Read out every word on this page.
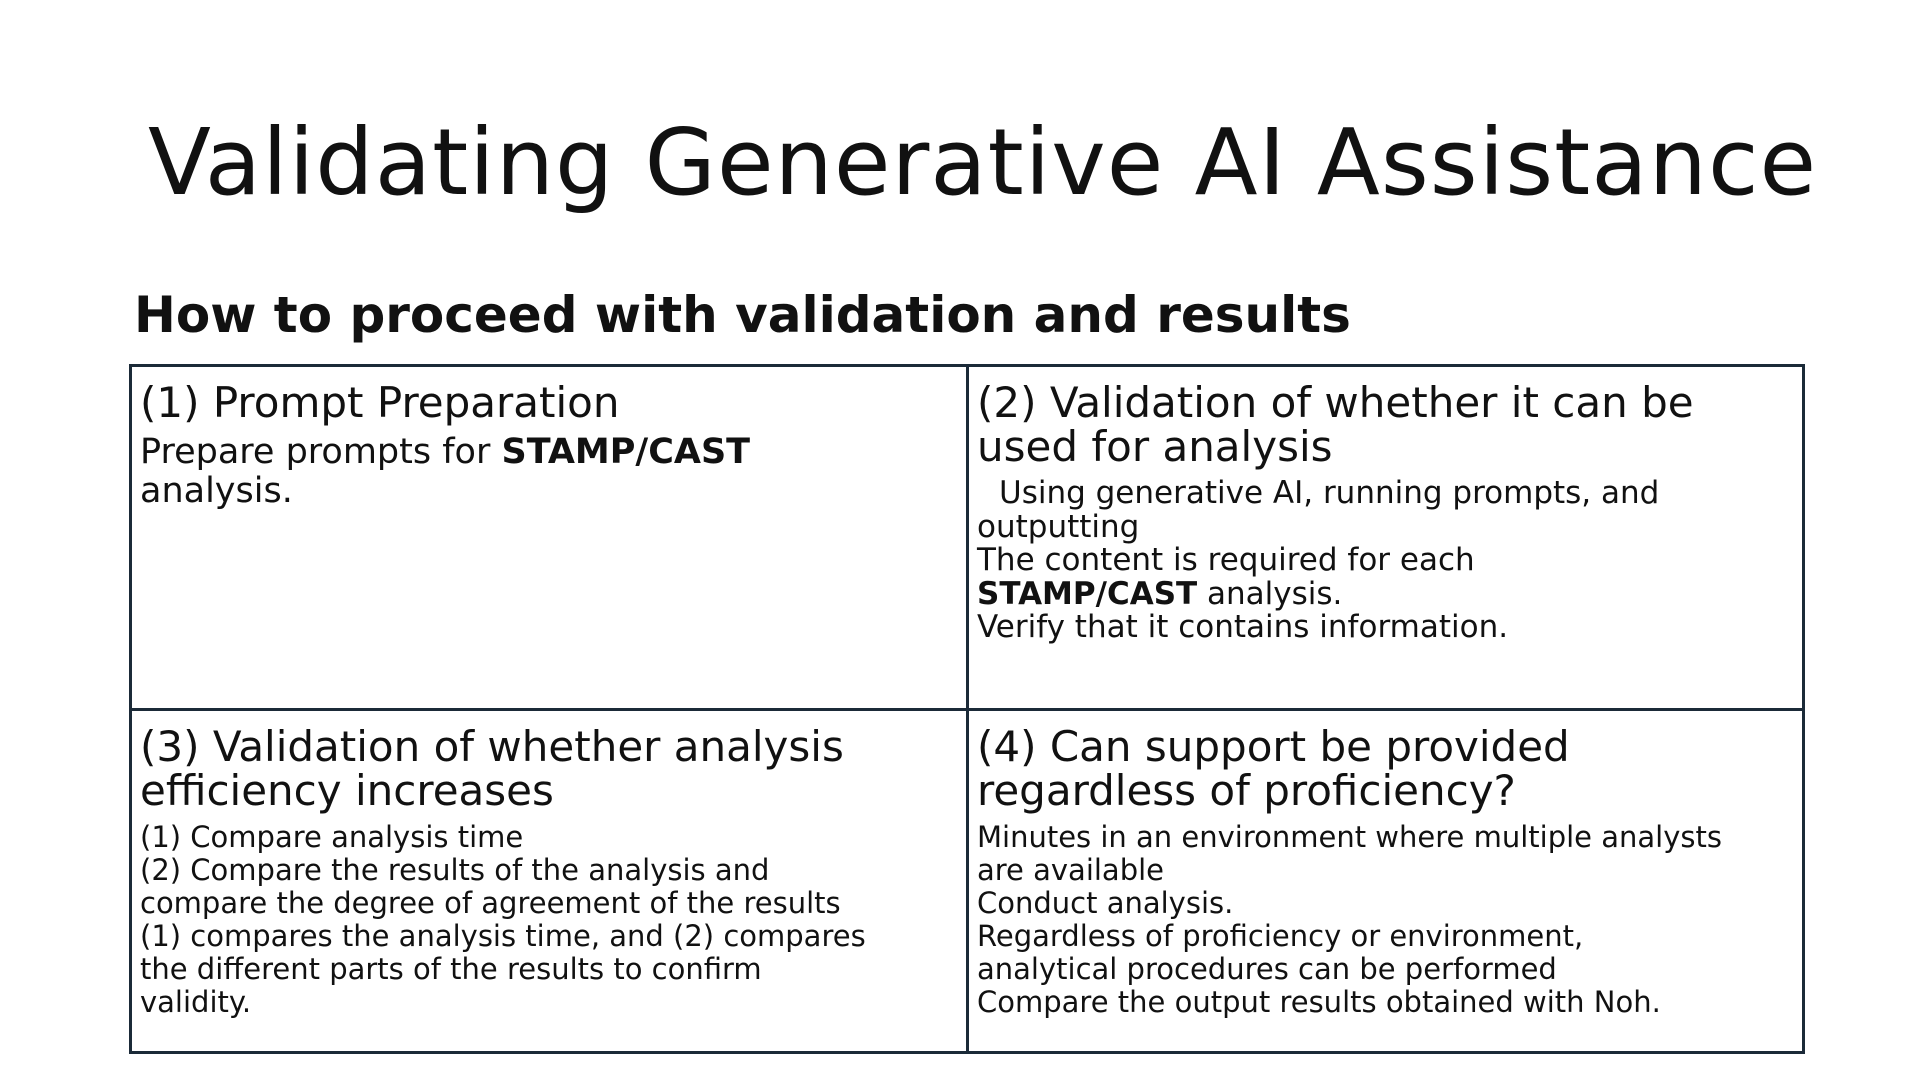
Validating Generative AI Assistance
How to proceed with validation and results
(1) Prompt Preparation
Prepare prompts for STAMP/CAST
analysis.
(2) Validation of whether it can be used for analysis
Using generative AI, running prompts, and
outputting
The content is required for each
STAMP/CAST analysis.
Verify that it contains information.
(3) Validation of whether analysis efficiency increases
(1) Compare analysis time
(2) Compare the results of the analysis and
compare the degree of agreement of the results
(1) compares the analysis time, and (2) compares
the different parts of the results to confirm
validity.
(4) Can support be provided regardless of proficiency?
Minutes in an environment where multiple analysts
are available
Conduct analysis.
Regardless of proficiency or environment,
analytical procedures can be performed
Compare the output results obtained with Noh.
